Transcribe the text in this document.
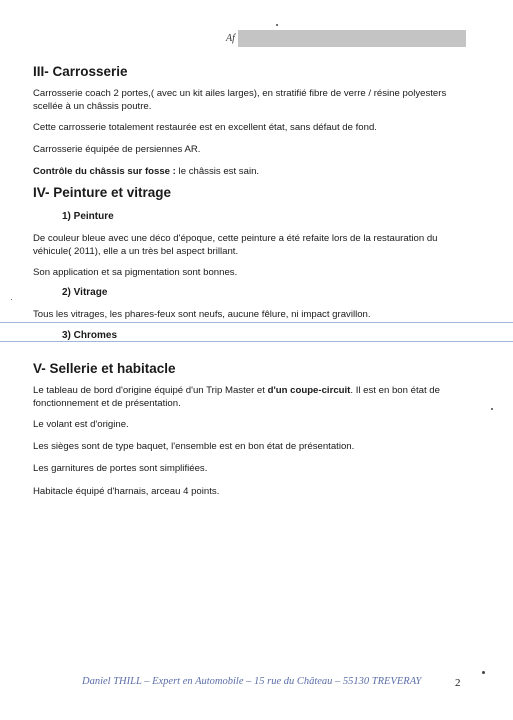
Af
III- Carrosserie
Carrosserie coach 2 portes,( avec un kit ailes larges), en stratifié fibre de verre / résine polyesters scellée à un châssis poutre.
Cette carrosserie totalement restaurée est en excellent état, sans défaut de fond.
Carrosserie équipée de persiennes AR.
Contrôle du châssis sur fosse : le châssis est sain.
IV- Peinture et vitrage
1) Peinture
De couleur bleue avec une déco d'époque, cette peinture a été refaite lors de la restauration du véhicule( 2011), elle a un très bel aspect brillant.
Son application et sa pigmentation sont bonnes.
2) Vitrage
Tous les vitrages, les phares-feux sont neufs, aucune fêlure, ni impact gravillon.
3) Chromes
V- Sellerie et habitacle
Le tableau de bord d'origine équipé d'un Trip Master et d'un coupe-circuit. Il est en bon état de fonctionnement et de présentation.
Le volant est d'origine.
Les sièges sont de type baquet, l'ensemble est en bon état de présentation.
Les garnitures de portes sont simplifiées.
Habitacle équipé d'harnais, arceau 4 points.
Daniel THILL – Expert en Automobile – 15 rue du Château – 55130 TREVERAY	2
